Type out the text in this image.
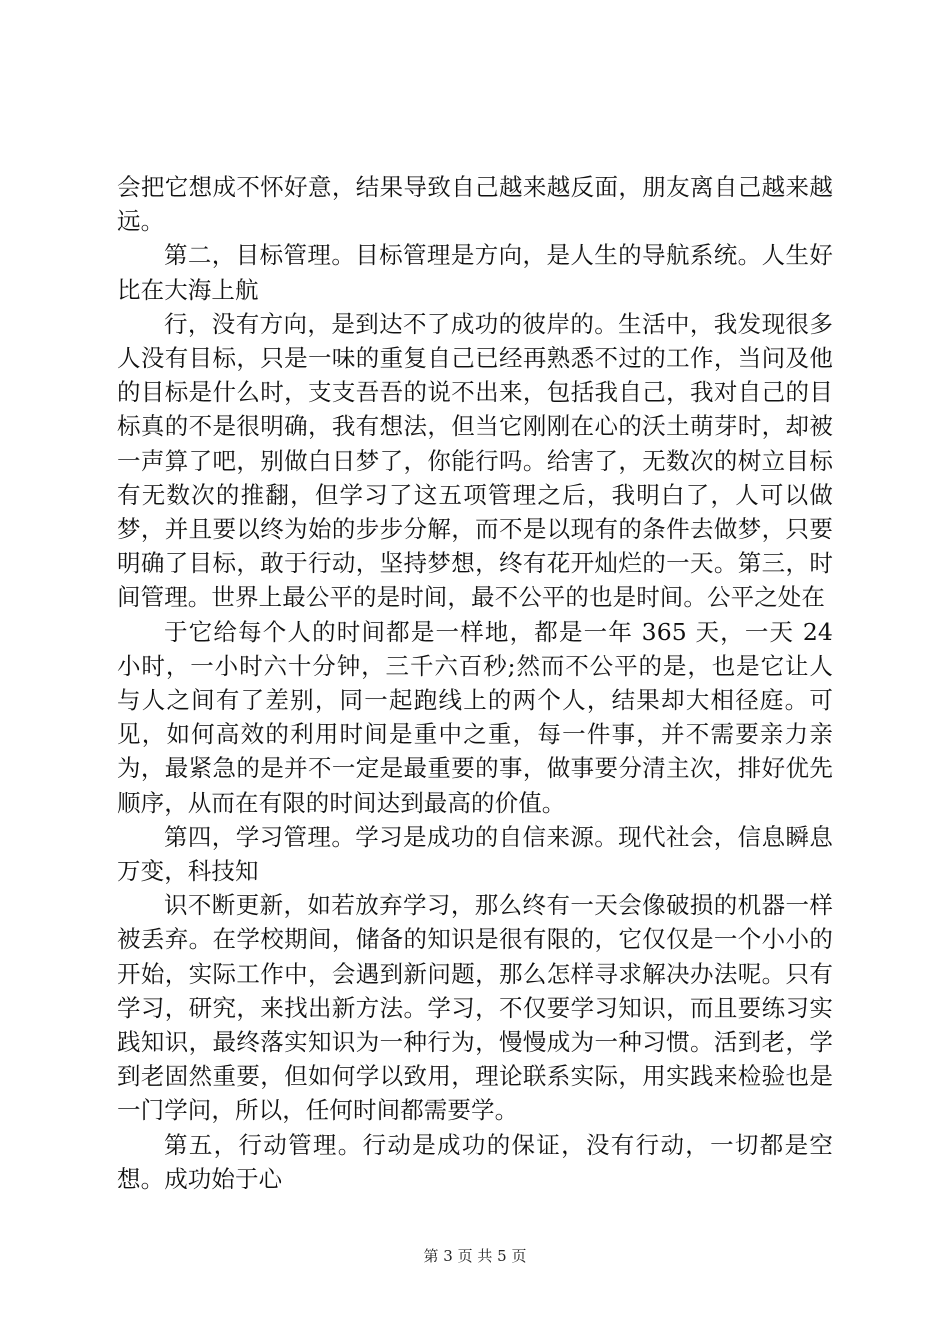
会把它想成不怀好意，结果导致自己越来越反面，朋友离自己越来越远。

第二，目标管理。目标管理是方向，是人生的导航系统。人生好比在大海上航

行，没有方向，是到达不了成功的彼岸的。生活中，我发现很多人没有目标，只是一味的重复自己已经再熟悉不过的工作，当问及他的目标是什么时，支支吾吾的说不出来，包括我自己，我对自己的目标真的不是很明确，我有想法，但当它刚刚在心的沃土萌芽时，却被一声算了吧，别做白日梦了，你能行吗。给害了，无数次的树立目标有无数次的推翻，但学习了这五项管理之后，我明白了，人可以做梦，并且要以终为始的步步分解，而不是以现有的条件去做梦，只要明确了目标，敢于行动，坚持梦想，终有花开灿烂的一天。第三，时间管理。世界上最公平的是时间，最不公平的也是时间。公平之处在

于它给每个人的时间都是一样地，都是一年 365 天，一天 24 小时，一小时六十分钟，三千六百秒;然而不公平的是，也是它让人与人之间有了差别，同一起跑线上的两个人，结果却大相径庭。可见，如何高效的利用时间是重中之重，每一件事，并不需要亲力亲为，最紧急的是并不一定是最重要的事，做事要分清主次，排好优先顺序，从而在有限的时间达到最高的价值。

第四，学习管理。学习是成功的自信来源。现代社会，信息瞬息万变，科技知

识不断更新，如若放弃学习，那么终有一天会像破损的机器一样被丢弃。在学校期间，储备的知识是很有限的，它仅仅是一个小小的开始，实际工作中，会遇到新问题，那么怎样寻求解决办法呢。只有学习，研究，来找出新方法。学习，不仅要学习知识，而且要练习实践知识，最终落实知识为一种行为，慢慢成为一种习惯。活到老，学到老固然重要，但如何学以致用，理论联系实际，用实践来检验也是一门学问，所以，任何时间都需要学。

第五，行动管理。行动是成功的保证，没有行动，一切都是空想。成功始于心

第 3 页 共 5 页
